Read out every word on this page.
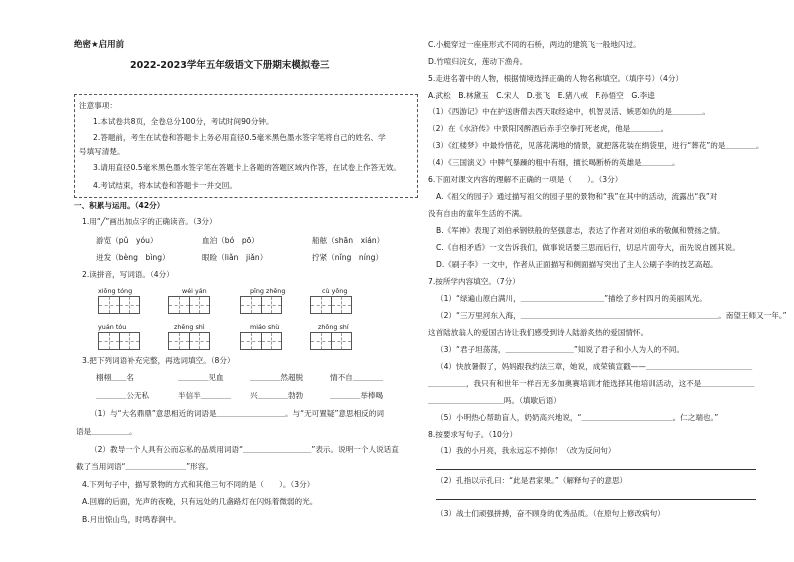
绝密★启用前
2022-2023学年五年级语文下册期末模拟卷三
注意事项：
1.本试卷共8页，全卷总分100分，考试时间90分钟。
2.答题前，考生在试卷和答题卡上务必用直径0.5毫米黑色墨水签字笔将自己的姓名、学
号填写清楚。
3.请用直径0.5毫米黑色墨水签字笔在答题卡上各题的答题区域内作答，在试卷上作答无效。
4.考试结束，将本试卷和答题卡一并交回。
一、积累与运用。（42分）
1.用“╱”画出加点字的正确读音。（3分）
游览（pǔ　yóu）	血泊（bó　pō）	船舷（shān　xián）
迸发（bèng　bìng）	眼睑（liǎn　jiǎn）	拧紧（nǐng　níng）
2.读拼音，写词语。（4分）
xiōng tóng	wéi yán	pīng zhēng	cù yōng
yuán tóu	zhēng shì	miáo shù	zhōng shí
3.把下列词语补充完整，再选词填空。（8分）
栩栩＿＿名	＿＿＿＿见血	＿＿＿＿然超脱	情不自＿＿＿＿
＿＿＿＿公无私	半信半＿＿＿＿ 兴＿＿＿＿勃勃	＿＿＿＿举棒喝
（1）与“大名鼎鼎”意思相近的词语是＿＿＿＿＿＿＿＿＿。与“无可置疑”意思相反的词
语是＿＿＿＿＿。
（2）教导一个人具有公而忘私的品质用词语“＿＿＿＿＿＿＿＿＿”表示。说明一个人说话直
截了当用词语“＿＿＿＿＿＿＿＿”形容。
4.下列句子中，描写景物的方式和其他三句不同的是（　　）。（3分）
A.回廊的后面，光声的夜晚，只有远处的几盏路灯在闪烁着微弱的光。
B.月出惊山鸟，时鸣春涧中。
C.小艇穿过一座座形式不同的石桥，两边的建筑飞一般地闪过。
D.竹喧归浣女，莲动下渔舟。
5.走进名著中的人物，根据情境选择正确的人物名称填空。（填序号）（4分）
A.武松　B.林黛玉　C.宋人　D.张飞　E.猪八戒　F.孙悟空　G.李逵
（1）《西游记》中在护送唐僧去西天取经途中，机智灵活、嫉恶如仇的是＿＿＿＿。
（2）在《水浒传》中景阳冈醉酒后赤手空拳打死老虎，他是＿＿＿＿。
（3）《红楼梦》中最怜惜花，见落花满地的情景，就把落花装在绢袋里，进行“葬花”的是＿＿＿＿。
（4）《三国演义》中脾气暴躁的粗中有细，擅长喝断桥的英雄是＿＿＿＿。
6.下面对课文内容的理解不正确的一项是（　　）。（3分）
A.《祖父的园子》通过描写祖父的园子里的景物和“我”在其中的活动，流露出“我”对
没有自由的童年生活的不满。
B.《军神》表现了刘伯承钢铁般的坚强意志，表达了作者对刘伯承的敬佩和赞扬之情。
C.《自相矛盾》一文告诉我们，做事说话要三思而后行，切忌片面夸大，而先说自圆其说。
D.《刷子李》一文中，作者从正面描写和侧面描写突出了主人公刷子李的技艺高超。
7.按所学内容填空。（7分）
（1）“绿遍山原白满川，＿＿＿＿＿＿＿＿＿＿＿”描绘了乡村四月的美丽风光。
（2）“三万里河东入海，＿＿＿＿＿＿＿＿＿＿＿＿＿＿＿＿＿＿＿＿＿＿＿＿＿＿。南望王师又一年。”
这首陆放翁人的爱国古诗让我们感受到诗人陆游炙热的爱国情怀。
（3）“君子坦荡荡，＿＿＿＿＿＿＿＿＿”知说了君子和小人为人的不同。
（4）快放暑假了，妈妈跟我约法三章，她说，成荣镇宣戳——＿＿＿＿＿＿＿＿＿＿＿＿＿＿
＿＿＿＿＿，我只有和世年一样百无多加奥赛培训才能选择其他培训活动，这不是＿＿＿＿＿＿＿
＿＿＿＿＿＿＿＿＿＿吗。（填歇后语）
（5）小明热心帮助盲人，奶奶高兴地说，“＿＿＿＿＿＿＿＿＿＿＿＿。仁之端也。”
8.按要求写句子。（10分）
（1）我的小月亮，我永远忘不掉你！（改为反问句）
（2）孔指以示孔曰：“此是君家果。”（解释句子的意思）
（3）战士们顽强拼搏，奋不顾身的优秀品质。（在原句上修改病句）
